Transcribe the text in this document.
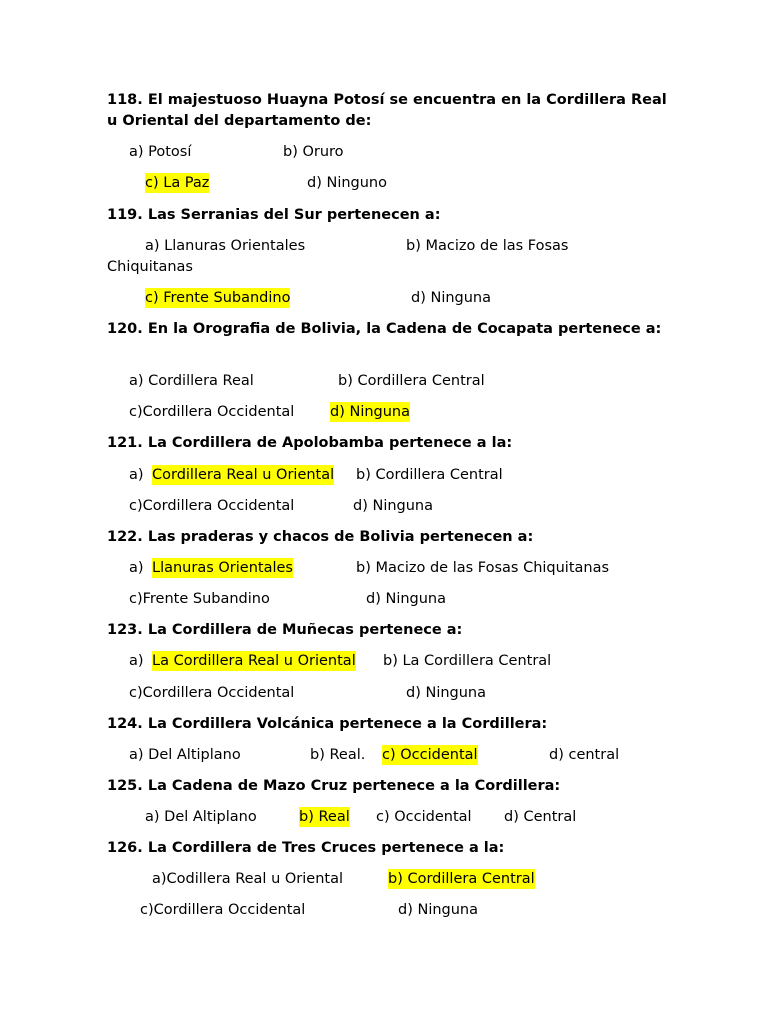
118. El majestuoso Huayna Potosí se encuentra en la Cordillera Real u Oriental del departamento de:
a) Potosí	b) Oruro
c) La Paz	d) Ninguno
119. Las Serranias del Sur pertenecen a:
a) Llanuras Orientales	b) Macizo de las Fosas
Chiquitanas
c) Frente Subandino	d) Ninguna
120. En la Orografia de Bolivia, la Cadena de Cocapata pertenece a:
a) Cordillera Real	b) Cordillera Central
c)Cordillera Occidental d) Ninguna
121. La Cordillera de Apolobamba pertenece a la:
a) Cordillera Real u Oriental b) Cordillera Central
c)Cordillera Occidental	d) Ninguna
122. Las praderas y chacos de Bolivia pertenecen a:
a) Llanuras Orientales	b) Macizo de las Fosas Chiquitanas
c)Frente Subandino	d) Ninguna
123. La Cordillera de Muñecas pertenece a:
a) La Cordillera Real u Oriental b) La Cordillera Central
c)Cordillera Occidental	d) Ninguna
124. La Cordillera Volcánica pertenece a la Cordillera:
a) Del Altiplano	b) Real. c) Occidental	d) central
125. La Cadena de Mazo Cruz pertenece a la Cordillera:
a) Del Altiplano	b) Real c) Occidental d) Central
126. La Cordillera de Tres Cruces pertenece a la:
a)Codillera Real u Oriental	b) Cordillera Central
c)Cordillera Occidental	d) Ninguna
